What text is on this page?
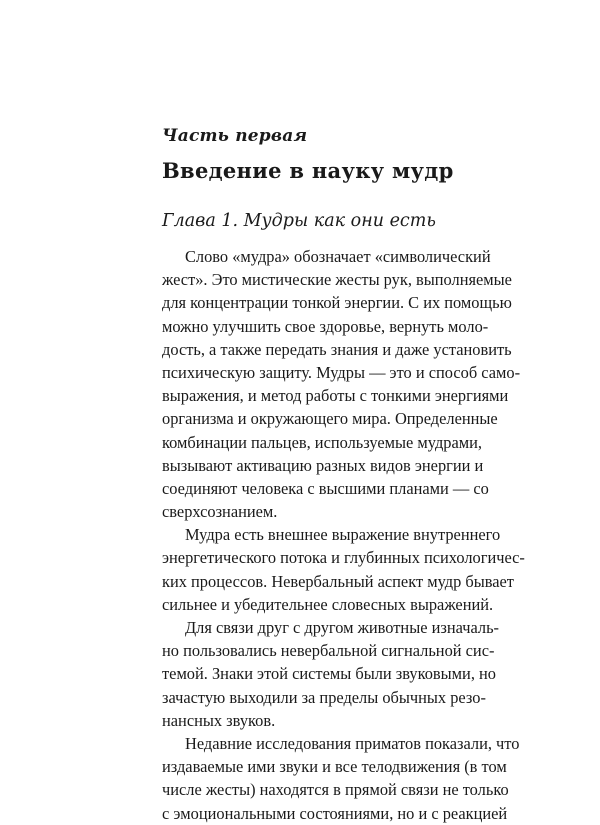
Часть первая
Введение в науку мудр
Глава 1. Мудры как они есть
Слово «мудра» обозначает «символический
жест». Это мистические жесты рук, выполняемые
для концентрации тонкой энергии. С их помощью
можно улучшить свое здоровье, вернуть моло-
дость, а также передать знания и даже установить
психическую защиту. Мудры — это и способ само-
выражения, и метод работы с тонкими энергиями
организма и окружающего мира. Определенные
комбинации пальцев, используемые мудрами,
вызывают активацию разных видов энергии и
соединяют человека с высшими планами — со
сверхсознанием.
Мудра есть внешнее выражение внутреннего
энергетического потока и глубинных психологичес-
ких процессов. Невербальный аспект мудр бывает
сильнее и убедительнее словесных выражений.
Для связи друг с другом животные изначаль-
но пользовались невербальной сигнальной сис-
темой. Знаки этой системы были звуковыми, но
зачастую выходили за пределы обычных резо-
нансных звуков.
Недавние исследования приматов показали, что
издаваемые ими звуки и все телодвижения (в том
числе жесты) находятся в прямой связи не только
с эмоциональными состояниями, но и с реакцией
